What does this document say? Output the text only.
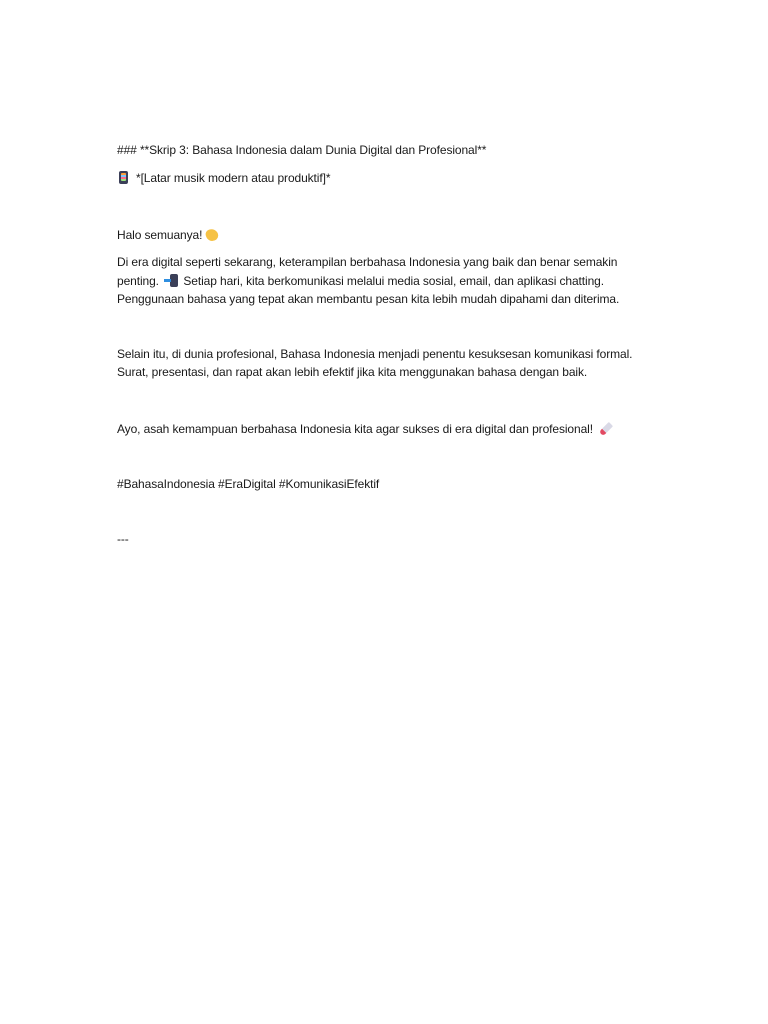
### **Skrip 3: Bahasa Indonesia dalam Dunia Digital dan Profesional**
*[Latar musik modern atau produktif]*
Halo semuanya!
Di era digital seperti sekarang, keterampilan berbahasa Indonesia yang baik dan benar semakin
penting. Setiap hari, kita berkomunikasi melalui media sosial, email, dan aplikasi chatting.
Penggunaan bahasa yang tepat akan membantu pesan kita lebih mudah dipahami dan diterima.
Selain itu, di dunia profesional, Bahasa Indonesia menjadi penentu kesuksesan komunikasi formal.
Surat, presentasi, dan rapat akan lebih efektif jika kita menggunakan bahasa dengan baik.
Ayo, asah kemampuan berbahasa Indonesia kita agar sukses di era digital dan profesional!
#BahasaIndonesia #EraDigital #KomunikasiEfektif
---
